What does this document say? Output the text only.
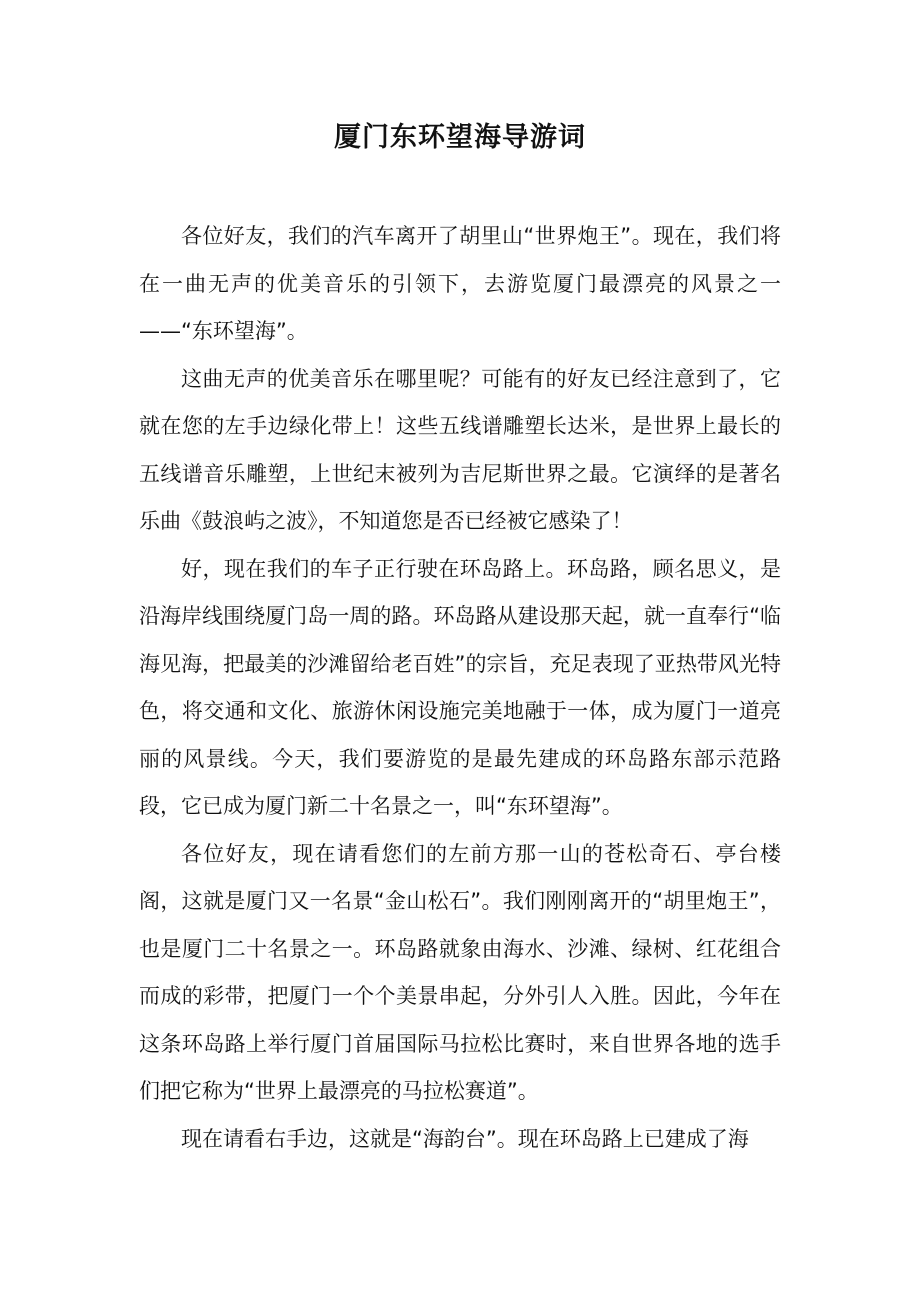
厦门东环望海导游词

各位好友，我们的汽车离开了胡里山“世界炮王”。现在，我们将在一曲无声的优美音乐的引领下，去游览厦门最漂亮的风景之一——“东环望海”。

这曲无声的优美音乐在哪里呢？可能有的好友已经注意到了，它就在您的左手边绿化带上！这些五线谱雕塑长达米，是世界上最长的五线谱音乐雕塑，上世纪末被列为吉尼斯世界之最。它演绎的是著名乐曲《鼓浪屿之波》，不知道您是否已经被它感染了！

好，现在我们的车子正行驶在环岛路上。环岛路，顾名思义，是沿海岸线围绕厦门岛一周的路。环岛路从建设那天起，就一直奉行“临海见海，把最美的沙滩留给老百姓”的宗旨，充足表现了亚热带风光特色，将交通和文化、旅游休闲设施完美地融于一体，成为厦门一道亮丽的风景线。今天，我们要游览的是最先建成的环岛路东部示范路段，它已成为厦门新二十名景之一，叫“东环望海”。

各位好友，现在请看您们的左前方那一山的苍松奇石、亭台楼阁，这就是厦门又一名景“金山松石”。我们刚刚离开的“胡里炮王”，也是厦门二十名景之一。环岛路就象由海水、沙滩、绿树、红花组合而成的彩带，把厦门一个个美景串起，分外引人入胜。因此，今年在这条环岛路上举行厦门首届国际马拉松比赛时，来自世界各地的选手们把它称为“世界上最漂亮的马拉松赛道”。

现在请看右手边，这就是“海韵台”。现在环岛路上已建成了海
